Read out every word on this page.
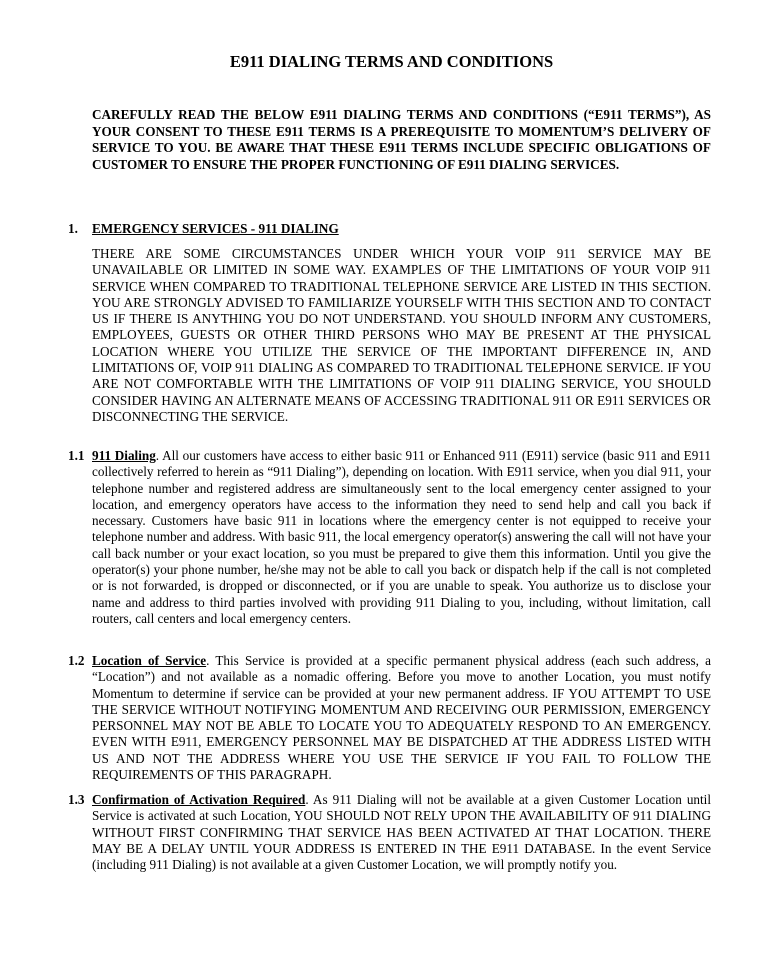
E911 DIALING TERMS AND CONDITIONS
CAREFULLY READ THE BELOW E911 DIALING TERMS AND CONDITIONS (“E911 TERMS”), AS YOUR CONSENT TO THESE E911 TERMS IS A PREREQUISITE TO MOMENTUM’S DELIVERY OF SERVICE TO YOU. BE AWARE THAT THESE E911 TERMS INCLUDE SPECIFIC OBLIGATIONS OF CUSTOMER TO ENSURE THE PROPER FUNCTIONING OF E911 DIALING SERVICES.
1. EMERGENCY SERVICES - 911 DIALING
THERE ARE SOME CIRCUMSTANCES UNDER WHICH YOUR VOIP 911 SERVICE MAY BE UNAVAILABLE OR LIMITED IN SOME WAY. EXAMPLES OF THE LIMITATIONS OF YOUR VOIP 911 SERVICE WHEN COMPARED TO TRADITIONAL TELEPHONE SERVICE ARE LISTED IN THIS SECTION. YOU ARE STRONGLY ADVISED TO FAMILIARIZE YOURSELF WITH THIS SECTION AND TO CONTACT US IF THERE IS ANYTHING YOU DO NOT UNDERSTAND. YOU SHOULD INFORM ANY CUSTOMERS, EMPLOYEES, GUESTS OR OTHER THIRD PERSONS WHO MAY BE PRESENT AT THE PHYSICAL LOCATION WHERE YOU UTILIZE THE SERVICE OF THE IMPORTANT DIFFERENCE IN, AND LIMITATIONS OF, VOIP 911 DIALING AS COMPARED TO TRADITIONAL TELEPHONE SERVICE. IF YOU ARE NOT COMFORTABLE WITH THE LIMITATIONS OF VOIP 911 DIALING SERVICE, YOU SHOULD CONSIDER HAVING AN ALTERNATE MEANS OF ACCESSING TRADITIONAL 911 OR E911 SERVICES OR DISCONNECTING THE SERVICE.
1.1 911 Dialing. All our customers have access to either basic 911 or Enhanced 911 (E911) service (basic 911 and E911 collectively referred to herein as “911 Dialing”), depending on location. With E911 service, when you dial 911, your telephone number and registered address are simultaneously sent to the local emergency center assigned to your location, and emergency operators have access to the information they need to send help and call you back if necessary. Customers have basic 911 in locations where the emergency center is not equipped to receive your telephone number and address. With basic 911, the local emergency operator(s) answering the call will not have your call back number or your exact location, so you must be prepared to give them this information. Until you give the operator(s) your phone number, he/she may not be able to call you back or dispatch help if the call is not completed or is not forwarded, is dropped or disconnected, or if you are unable to speak. You authorize us to disclose your name and address to third parties involved with providing 911 Dialing to you, including, without limitation, call routers, call centers and local emergency centers.
1.2 Location of Service. This Service is provided at a specific permanent physical address (each such address, a “Location”) and not available as a nomadic offering. Before you move to another Location, you must notify Momentum to determine if service can be provided at your new permanent address. IF YOU ATTEMPT TO USE THE SERVICE WITHOUT NOTIFYING MOMENTUM AND RECEIVING OUR PERMISSION, EMERGENCY PERSONNEL MAY NOT BE ABLE TO LOCATE YOU TO ADEQUATELY RESPOND TO AN EMERGENCY. EVEN WITH E911, EMERGENCY PERSONNEL MAY BE DISPATCHED AT THE ADDRESS LISTED WITH US AND NOT THE ADDRESS WHERE YOU USE THE SERVICE IF YOU FAIL TO FOLLOW THE REQUIREMENTS OF THIS PARAGRAPH.
1.3 Confirmation of Activation Required. As 911 Dialing will not be available at a given Customer Location until Service is activated at such Location, YOU SHOULD NOT RELY UPON THE AVAILABILITY OF 911 DIALING WITHOUT FIRST CONFIRMING THAT SERVICE HAS BEEN ACTIVATED AT THAT LOCATION. THERE MAY BE A DELAY UNTIL YOUR ADDRESS IS ENTERED IN THE E911 DATABASE. In the event Service (including 911 Dialing) is not available at a given Customer Location, we will promptly notify you.
